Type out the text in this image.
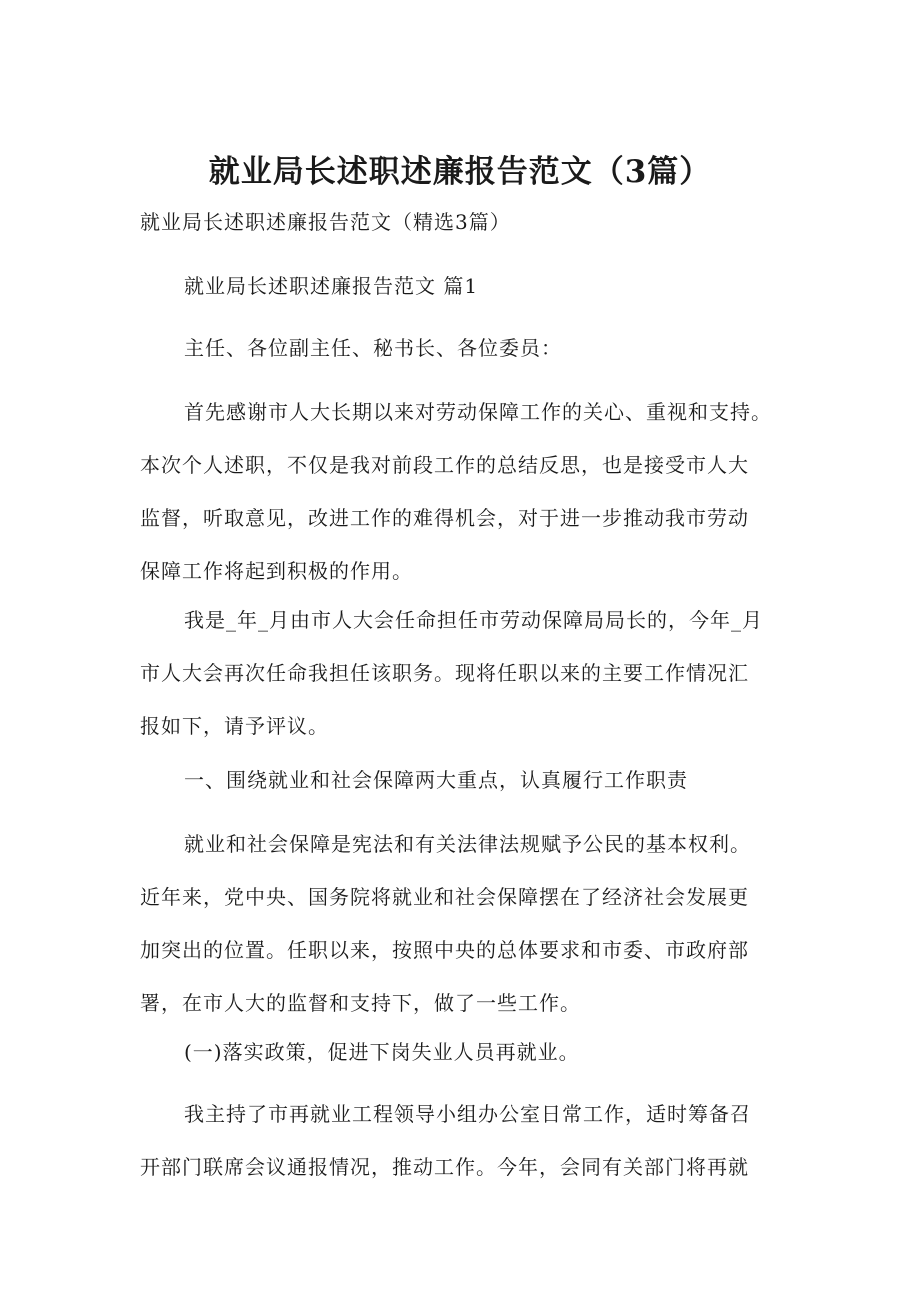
就业局长述职述廉报告范文（3篇）
就业局长述职述廉报告范文（精选3篇）
就业局长述职述廉报告范文 篇1
主任、各位副主任、秘书长、各位委员：
首先感谢市人大长期以来对劳动保障工作的关心、重视和支持。
本次个人述职，不仅是我对前段工作的总结反思，也是接受市人大
监督，听取意见，改进工作的难得机会，对于进一步推动我市劳动
保障工作将起到积极的作用。
我是_年_月由市人大会任命担任市劳动保障局局长的，今年_月
市人大会再次任命我担任该职务。现将任职以来的主要工作情况汇
报如下，请予评议。
一、围绕就业和社会保障两大重点，认真履行工作职责
就业和社会保障是宪法和有关法律法规赋予公民的基本权利。
近年来，党中央、国务院将就业和社会保障摆在了经济社会发展更
加突出的位置。任职以来，按照中央的总体要求和市委、市政府部
署，在市人大的监督和支持下，做了一些工作。
(一)落实政策，促进下岗失业人员再就业。
我主持了市再就业工程领导小组办公室日常工作，适时筹备召
开部门联席会议通报情况，推动工作。今年，会同有关部门将再就
